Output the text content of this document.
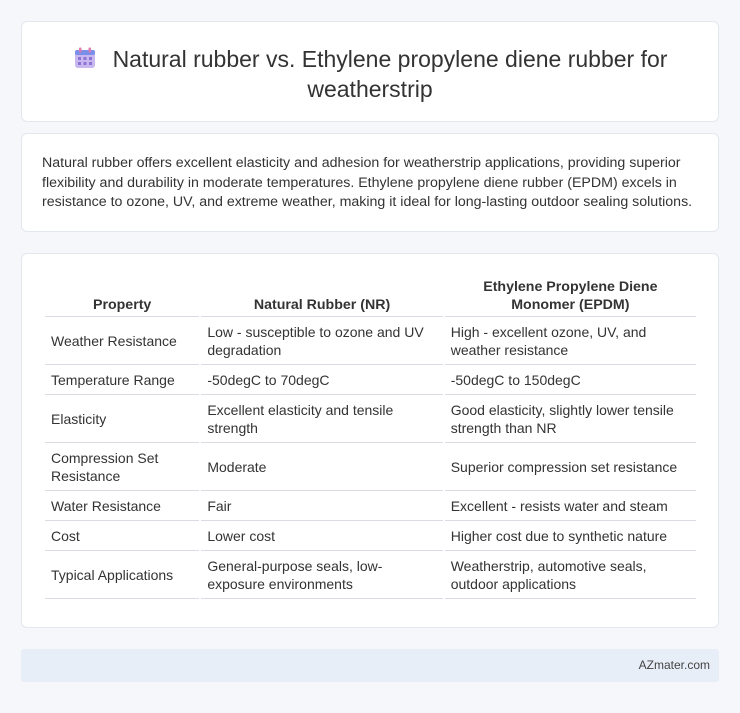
Natural rubber vs. Ethylene propylene diene rubber for weatherstrip

Natural rubber offers excellent elasticity and adhesion for weatherstrip applications, providing superior flexibility and durability in moderate temperatures. Ethylene propylene diene rubber (EPDM) excels in resistance to ozone, UV, and extreme weather, making it ideal for long-lasting outdoor sealing solutions.

Property	Natural Rubber (NR)	Ethylene Propylene Diene Monomer (EPDM)
Weather Resistance	Low - susceptible to ozone and UV degradation	High - excellent ozone, UV, and weather resistance
Temperature Range	-50degC to 70degC	-50degC to 150degC
Elasticity	Excellent elasticity and tensile strength	Good elasticity, slightly lower tensile strength than NR
Compression Set Resistance	Moderate	Superior compression set resistance
Water Resistance	Fair	Excellent - resists water and steam
Cost	Lower cost	Higher cost due to synthetic nature
Typical Applications	General-purpose seals, low-exposure environments	Weatherstrip, automotive seals, outdoor applications
AZmater.com
